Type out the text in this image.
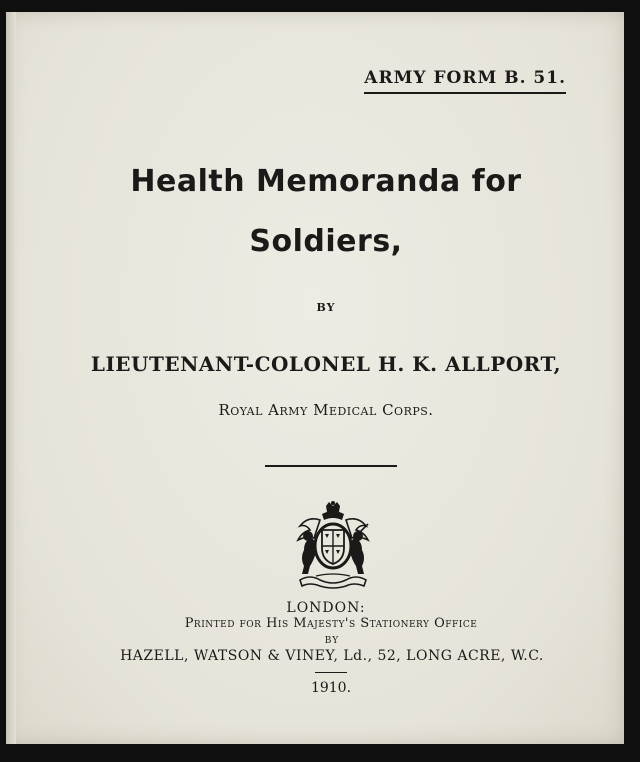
ARMY FORM B. 51.
Health Memoranda for
Soldiers,
BY
LIEUTENANT-COLONEL H. K. ALLPORT,
Royal Army Medical Corps.
LONDON:
Printed for His Majesty's Stationery Office
BY
HAZELL, WATSON & VINEY, Ld., 52, LONG ACRE, W.C.
1910.
